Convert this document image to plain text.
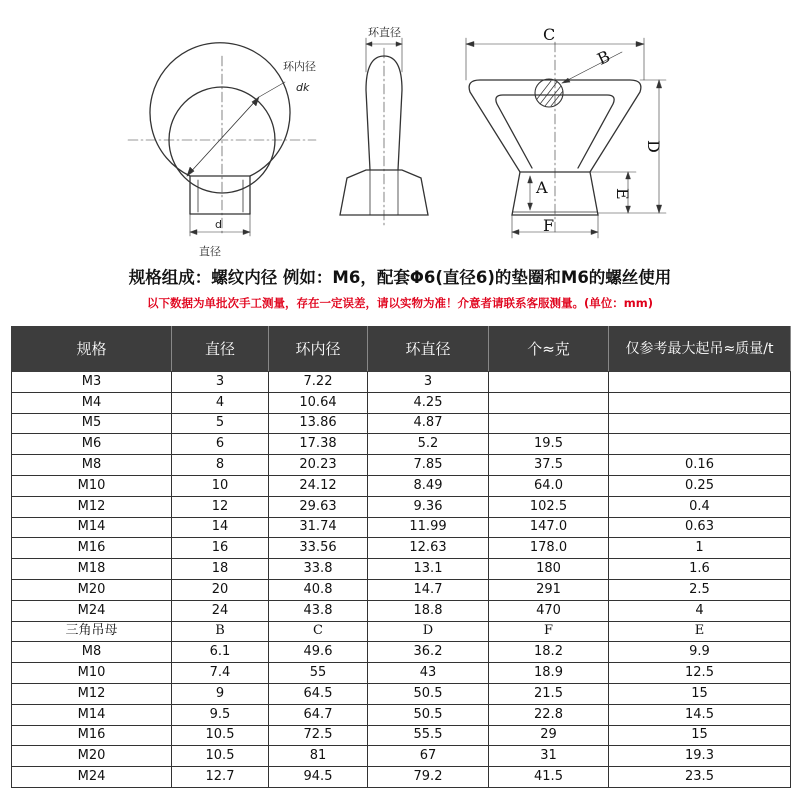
环内径
dk
d
直径
环直径	C
B
D
A	E
F
规格组成：螺纹内径 例如：M6，配套Φ6(直径6)的垫圈和M6的螺丝使用
以下数据为单批次手工测量，存在一定误差，请以实物为准！介意者请联系客服测量。(单位：mm)
规格	直径	环内径	环直径	个≈克	仅参考最大起吊≈质量/t
M3	3	7.22	3		
M4	4	10.64	4.25		
M5	5	13.86	4.87		
M6	6	17.38	5.2	19.5	
M8	8	20.23	7.85	37.5	0.16
M10	10	24.12	8.49	64.0	0.25
M12	12	29.63	9.36	102.5	0.4
M14	14	31.74	11.99	147.0	0.63
M16	16	33.56	12.63	178.0	1
M18	18	33.8	13.1	180	1.6
M20	20	40.8	14.7	291	2.5
M24	24	43.8	18.8	470	4
三角吊母	B	C	D	F	E
M8	6.1	49.6	36.2	18.2	9.9
M10	7.4	55	43	18.9	12.5
M12	9	64.5	50.5	21.5	15
M14	9.5	64.7	50.5	22.8	14.5
M16	10.5	72.5	55.5	29	15
M20	10.5	81	67	31	19.3
M24	12.7	94.5	79.2	41.5	23.5
